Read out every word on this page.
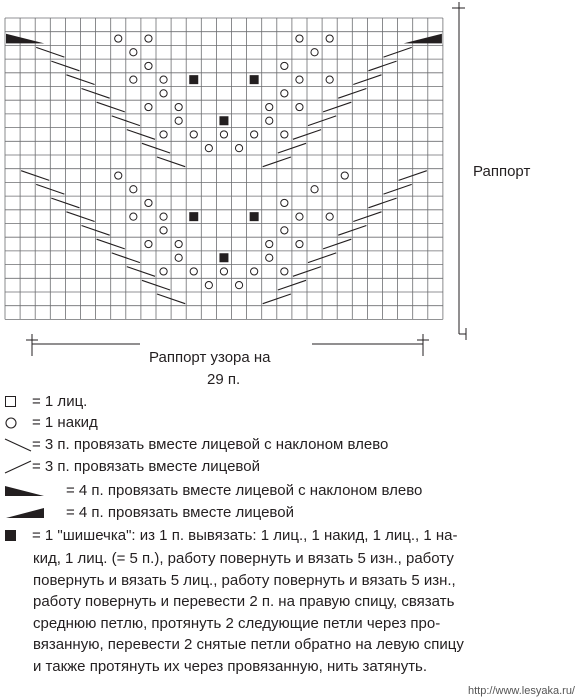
Раппорт
Раппорт узора на
29 п.
= 1 лиц.
= 1 накид
= 3 п. провязать вместе лицевой с наклоном влево
= 3 п. провязать вместе лицевой
= 4 п. провязать вместе лицевой с наклоном влево
= 4 п. провязать вместе лицевой
= 1 "шишечка": из 1 п. вывязать: 1 лиц., 1 накид, 1 лиц., 1 на-
кид, 1 лиц. (= 5 п.), работу повернуть и вязать 5 изн., работу
повернуть и вязать 5 лиц., работу повернуть и вязать 5 изн.,
работу повернуть и перевести 2 п. на правую спицу, связать
среднюю петлю, протянуть 2 следующие петли через про-
вязанную, перевести 2 снятые петли обратно на левую спицу
и также протянуть их через провязанную, нить затянуть.
http://www.lesyaka.ru/
